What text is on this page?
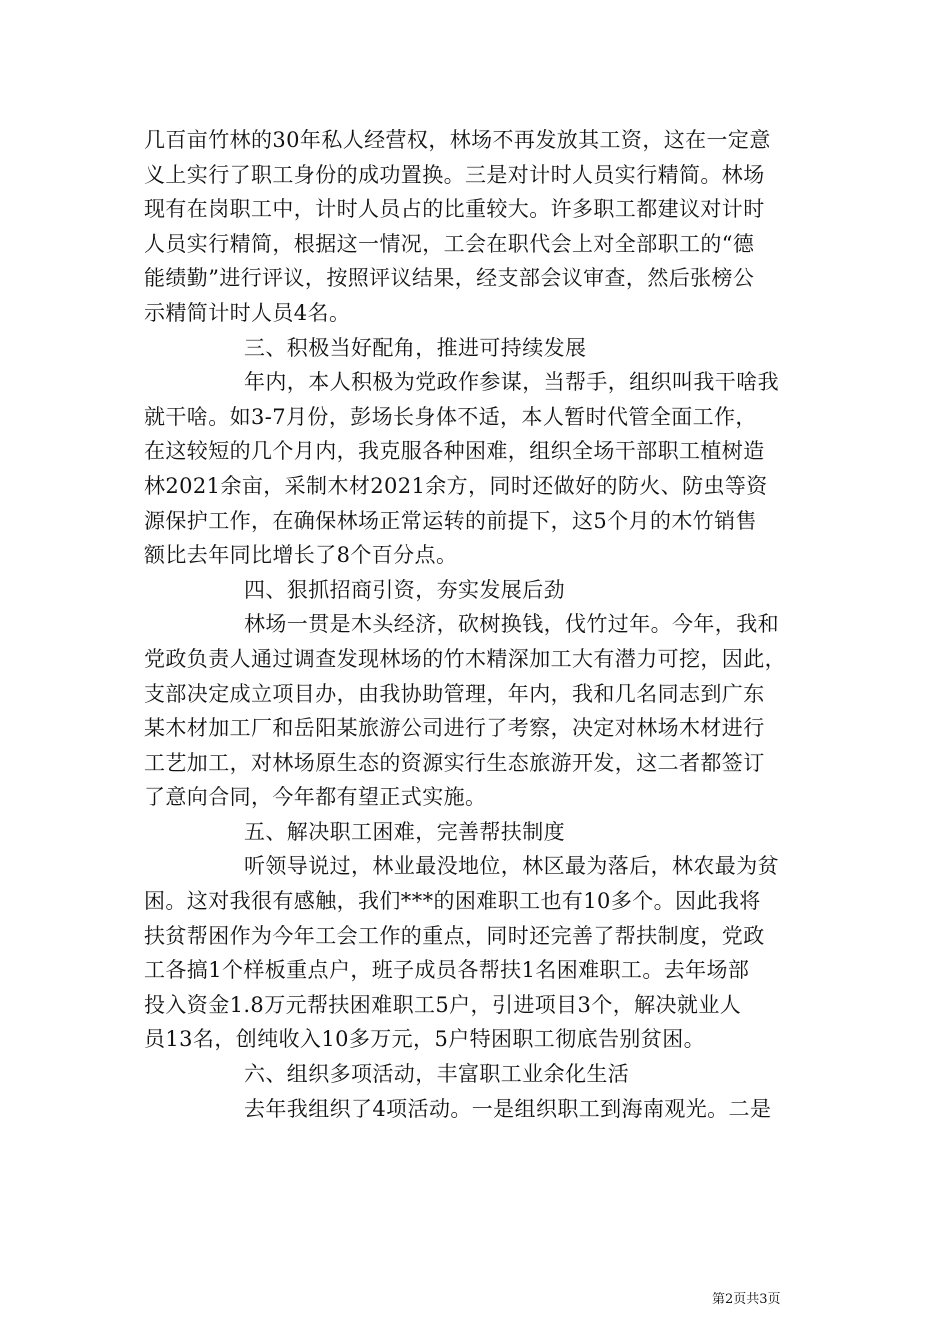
几百亩竹林的30年私人经营权，林场不再发放其工资，这在一定意
义上实行了职工身份的成功置换。三是对计时人员实行精简。林场
现有在岗职工中，计时人员占的比重较大。许多职工都建议对计时
人员实行精简，根据这一情况，工会在职代会上对全部职工的“德
能绩勤”进行评议，按照评议结果，经支部会议审查，然后张榜公
示精简计时人员4名。
三、积极当好配角，推进可持续发展
年内，本人积极为党政作参谋，当帮手，组织叫我干啥我
就干啥。如3-7月份，彭场长身体不适，本人暂时代管全面工作，
在这较短的几个月内，我克服各种困难，组织全场干部职工植树造
林2021余亩，采制木材2021余方，同时还做好的防火、防虫等资
源保护工作，在确保林场正常运转的前提下，这5个月的木竹销售
额比去年同比增长了8个百分点。
四、狠抓招商引资，夯实发展后劲
林场一贯是木头经济，砍树换钱，伐竹过年。今年，我和
党政负责人通过调查发现林场的竹木精深加工大有潜力可挖，因此，
支部决定成立项目办，由我协助管理，年内，我和几名同志到广东
某木材加工厂和岳阳某旅游公司进行了考察，决定对林场木材进行
工艺加工，对林场原生态的资源实行生态旅游开发，这二者都签订
了意向合同，今年都有望正式实施。
五、解决职工困难，完善帮扶制度
听领导说过，林业最没地位，林区最为落后，林农最为贫
困。这对我很有感触，我们***的困难职工也有10多个。因此我将
扶贫帮困作为今年工会工作的重点，同时还完善了帮扶制度，党政
工各搞1个样板重点户，班子成员各帮扶1名困难职工。去年场部
投入资金1.8万元帮扶困难职工5户，引进项目3个，解决就业人
员13名，创纯收入10多万元，5户特困职工彻底告别贫困。
六、组织多项活动，丰富职工业余化生活
去年我组织了4项活动。一是组织职工到海南观光。二是
第2页共3页
